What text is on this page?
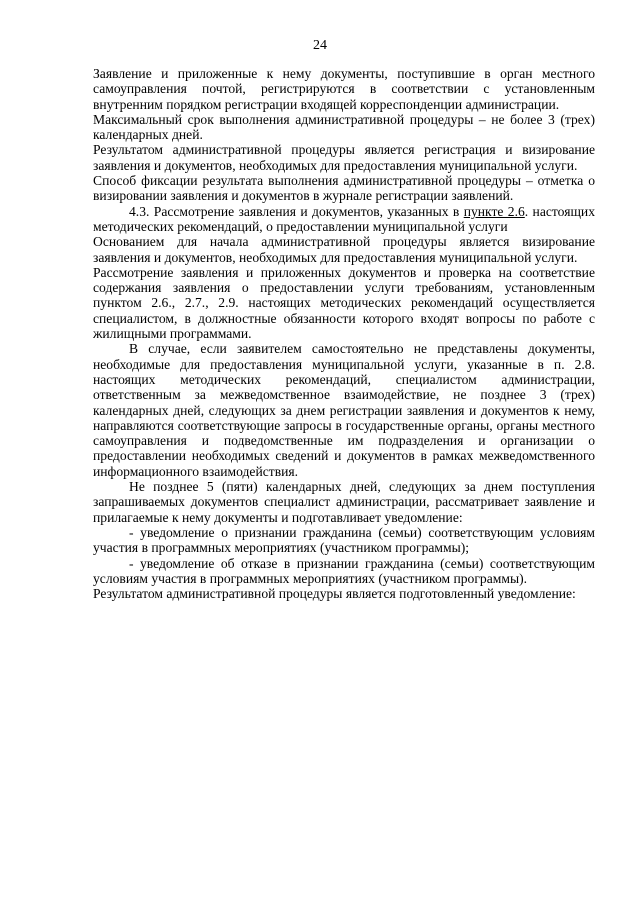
24

Заявление и приложенные к нему документы, поступившие в орган местного самоуправления почтой, регистрируются в соответствии с установленным внутренним порядком регистрации входящей корреспонденции администрации.

Максимальный срок выполнения административной процедуры – не более 3 (трех) календарных дней.

Результатом административной процедуры является регистрация и визирование заявления и документов, необходимых для предоставления муниципальной услуги.

Способ фиксации результата выполнения административной процедуры – отметка о визировании заявления и документов в журнале регистрации заявлений.

4.3. Рассмотрение заявления и документов, указанных в пункте 2.6. настоящих методических рекомендаций, о предоставлении муниципальной услуги

Основанием для начала административной процедуры является визирование заявления и документов, необходимых для предоставления муниципальной услуги.

Рассмотрение заявления и приложенных документов и проверка на соответствие содержания заявления о предоставлении услуги требованиям, установленным пунктом 2.6., 2.7., 2.9. настоящих методических рекомендаций осуществляется специалистом, в должностные обязанности которого входят вопросы по работе с жилищными программами.

В случае, если заявителем самостоятельно не представлены документы, необходимые для предоставления муниципальной услуги, указанные в п. 2.8. настоящих методических рекомендаций, специалистом администрации, ответственным за межведомственное взаимодействие, не позднее 3 (трех) календарных дней, следующих за днем регистрации заявления и документов к нему, направляются соответствующие запросы в государственные органы, органы местного самоуправления и подведомственные им подразделения и организации о предоставлении необходимых сведений и документов в рамках межведомственного информационного взаимодействия.

Не позднее 5 (пяти) календарных дней, следующих за днем поступления запрашиваемых документов специалист администрации, рассматривает заявление и прилагаемые к нему документы и подготавливает уведомление:

- уведомление о признании гражданина (семьи) соответствующим условиям участия в программных мероприятиях (участником программы);

- уведомление об отказе в признании гражданина (семьи) соответствующим условиям участия в программных мероприятиях (участником программы).

Результатом административной процедуры является подготовленный уведомление:
